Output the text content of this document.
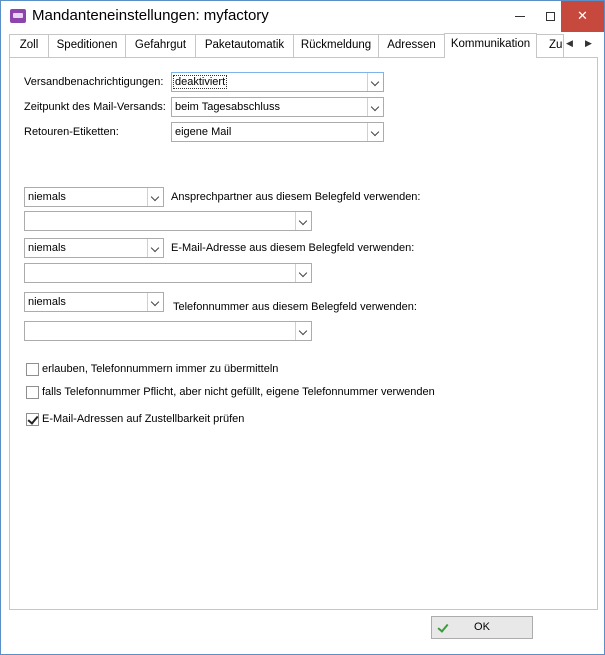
Mandanteneinstellungen: myfactory	✕
Zoll	Speditionen	Gefahrgut	Paketautomatik	Rückmeldung	Adressen	Kommunikation	Zu ◀ ▶
Versandbenachrichtigungen: deaktiviert
Zeitpunkt des Mail-Versands: beim Tagesabschluss
Retouren-Etiketten:	eigene Mail
niemals	Ansprechpartner aus diesem Belegfeld verwenden:
niemals	E-Mail-Adresse aus diesem Belegfeld verwenden:
niemals	Telefonnummer aus diesem Belegfeld verwenden:
erlauben, Telefonnummern immer zu übermitteln
falls Telefonnummer Pflicht, aber nicht gefüllt, eigene Telefonnummer verwenden
E-Mail-Adressen auf Zustellbarkeit prüfen
OK
